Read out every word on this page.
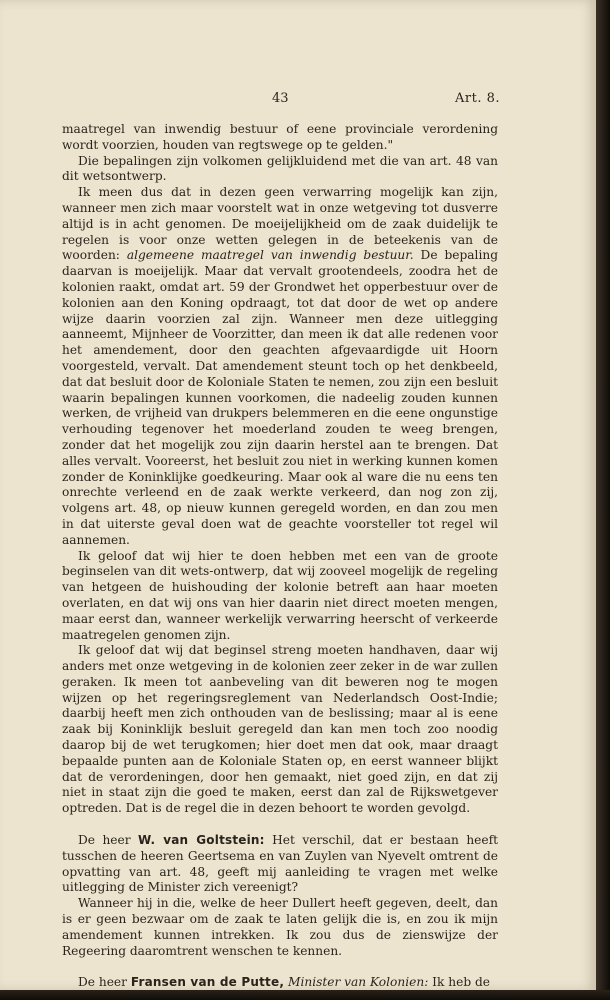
43	Art. 8.

maatregel van inwendig bestuur of eene provinciale verordening wordt voorzien, houden van regtswege op te gelden."

Die bepalingen zijn volkomen gelijkluidend met die van art. 48 van dit wetsontwerp.

Ik meen dus dat in dezen geen verwarring mogelijk kan zijn, wanneer men zich maar voorstelt wat in onze wetgeving tot dusverre altijd is in acht genomen. De moeijelijkheid om de zaak duidelijk te regelen is voor onze wetten gelegen in de beteekenis van de woorden: algemeene maatregel van inwendig bestuur. De bepaling daarvan is moeijelijk. Maar dat vervalt grootendeels, zoodra het de kolonien raakt, omdat art. 59 der Grondwet het opperbestuur over de kolonien aan den Koning opdraagt, tot dat door de wet op andere wijze daarin voorzien zal zijn. Wanneer men deze uitlegging aanneemt, Mijnheer de Voorzitter, dan meen ik dat alle redenen voor het amendement, door den geachten afgevaardigde uit Hoorn voorgesteld, vervalt. Dat amendement steunt toch op het denkbeeld, dat dat besluit door de Koloniale Staten te nemen, zou zijn een besluit waarin bepalingen kunnen voorkomen, die nadeelig zouden kunnen werken, de vrijheid van drukpers belemmeren en die eene ongunstige verhouding tegenover het moederland zouden te weeg brengen, zonder dat het mogelijk zou zijn daarin herstel aan te brengen. Dat alles vervalt. Vooreerst, het besluit zou niet in werking kunnen komen zonder de Koninklijke goedkeuring. Maar ook al ware die nu eens ten onrechte verleend en de zaak werkte verkeerd, dan nog zon zij, volgens art. 48, op nieuw kunnen geregeld worden, en dan zou men in dat uiterste geval doen wat de geachte voorsteller tot regel wil aannemen.

Ik geloof dat wij hier te doen hebben met een van de groote beginselen van dit wets-ontwerp, dat wij zooveel mogelijk de regeling van hetgeen de huishouding der kolonie betreft aan haar moeten overlaten, en dat wij ons van hier daarin niet direct moeten mengen, maar eerst dan, wanneer werkelijk verwarring heerscht of verkeerde maatregelen genomen zijn.

Ik geloof dat wij dat beginsel streng moeten handhaven, daar wij anders met onze wetgeving in de kolonien zeer zeker in de war zullen geraken. Ik meen tot aanbeveling van dit beweren nog te mogen wijzen op het regeringsreglement van Nederlandsch Oost-Indie; daarbij heeft men zich onthouden van de beslissing; maar al is eene zaak bij Koninklijk besluit geregeld dan kan men toch zoo noodig daarop bij de wet terugkomen; hier doet men dat ook, maar draagt bepaalde punten aan de Koloniale Staten op, en eerst wanneer blijkt dat de verordeningen, door hen gemaakt, niet goed zijn, en dat zij niet in staat zijn die goed te maken, eerst dan zal de Rijkswetgever optreden. Dat is de regel die in dezen behoort te worden gevolgd.

De heer W. van Goltstein: Het verschil, dat er bestaan heeft tusschen de heeren Geertsema en van Zuylen van Nyevelt omtrent de opvatting van art. 48, geeft mij aanleiding te vragen met welke uitlegging de Minister zich vereenigt?

Wanneer hij in die, welke de heer Dullert heeft gegeven, deelt, dan is er geen bezwaar om de zaak te laten gelijk die is, en zou ik mijn amendement kunnen intrekken. Ik zou dus de zienswijze der Regeering daaromtrent wenschen te kennen.

De heer Fransen van de Putte, Minister van Kolonien: Ik heb de
